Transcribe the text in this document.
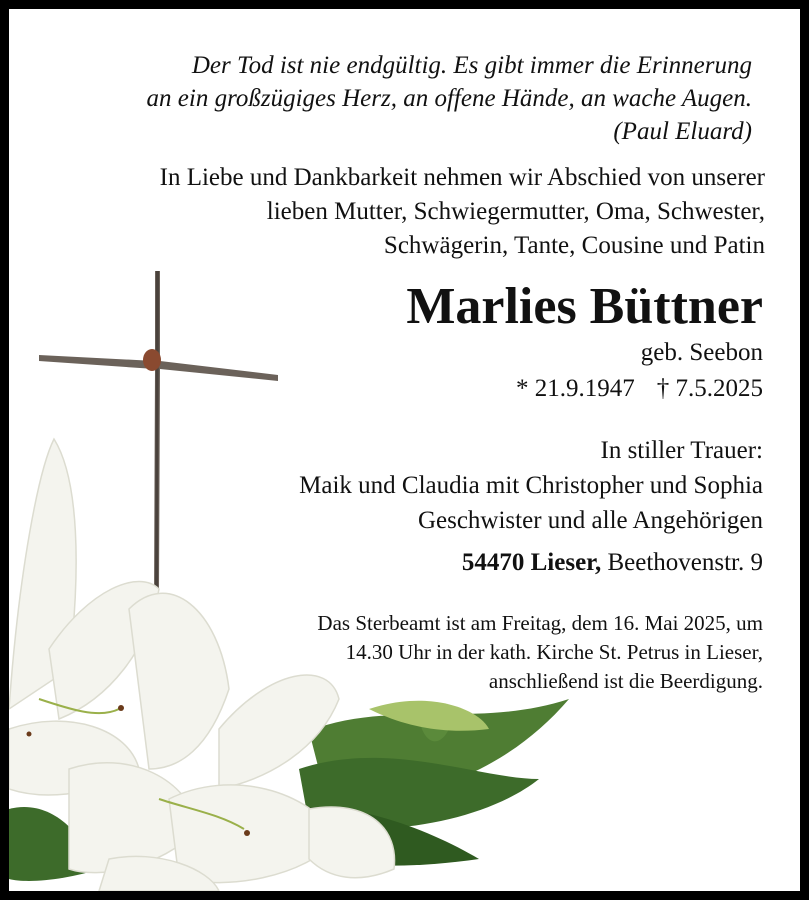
Der Tod ist nie endgültig. Es gibt immer die Erinnerung
an ein großzügiges Herz, an offene Hände, an wache Augen.
(Paul Eluard)
In Liebe und Dankbarkeit nehmen wir Abschied von unserer
lieben Mutter, Schwiegermutter, Oma, Schwester,
Schwägerin, Tante, Cousine und Patin
Marlies Büttner
geb. Seebon
* 21.9.1947 † 7.5.2025
In stiller Trauer:
Maik und Claudia mit Christopher und Sophia
Geschwister und alle Angehörigen
54470 Lieser, Beethovenstr. 9
Das Sterbeamt ist am Freitag, dem 16. Mai 2025, um
14.30 Uhr in der kath. Kirche St. Petrus in Lieser,
anschließend ist die Beerdigung.
